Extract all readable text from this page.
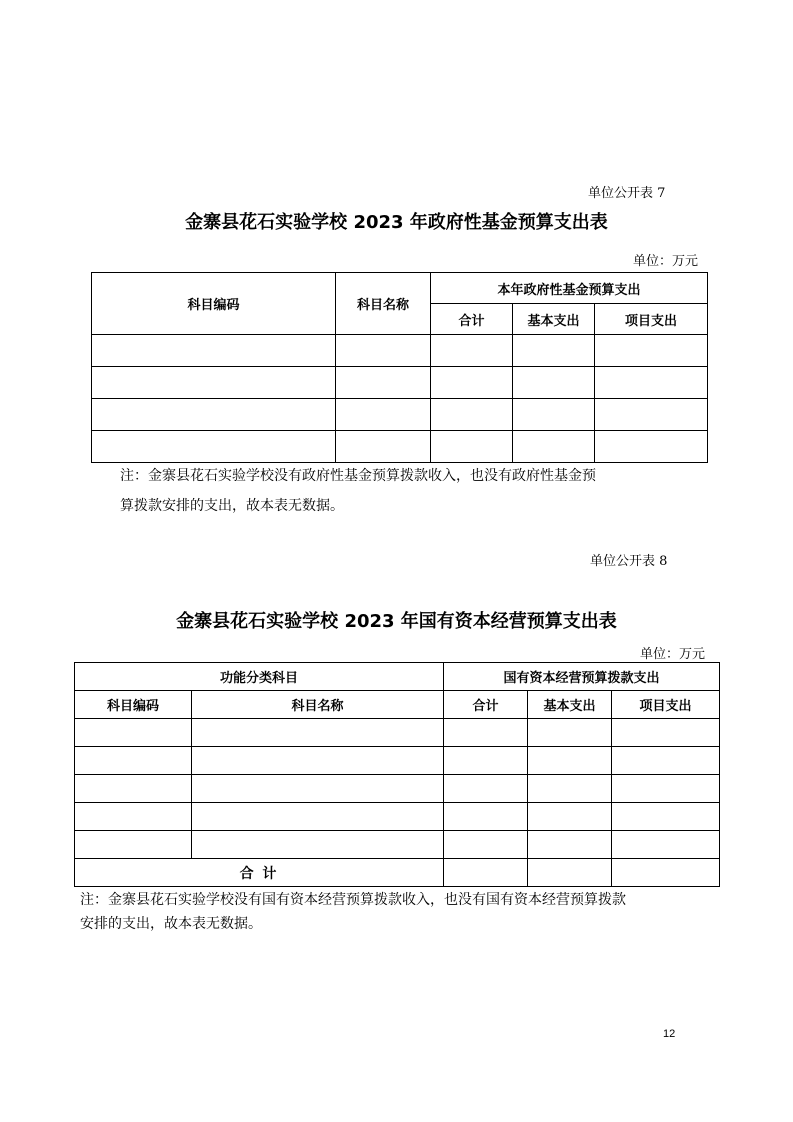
单位公开表 7
金寨县花石实验学校 2023 年政府性基金预算支出表
单位：万元
科目编码	科目名称	本年政府性基金预算支出		
		合计	基本支出	项目支出

注：金寨县花石实验学校没有政府性基金预算拨款收入，也没有政府性基金预
算拨款安排的支出，故本表无数据。
单位公开表 8
金寨县花石实验学校 2023 年国有资本经营预算支出表
单位：万元
功能分类科目		国有资本经营预算拨款支出		
科目编码	科目名称	合计	基本支出	项目支出

合 计				
注：金寨县花石实验学校没有国有资本经营预算拨款收入，也没有国有资本经营预算拨款
安排的支出，故本表无数据。
12
